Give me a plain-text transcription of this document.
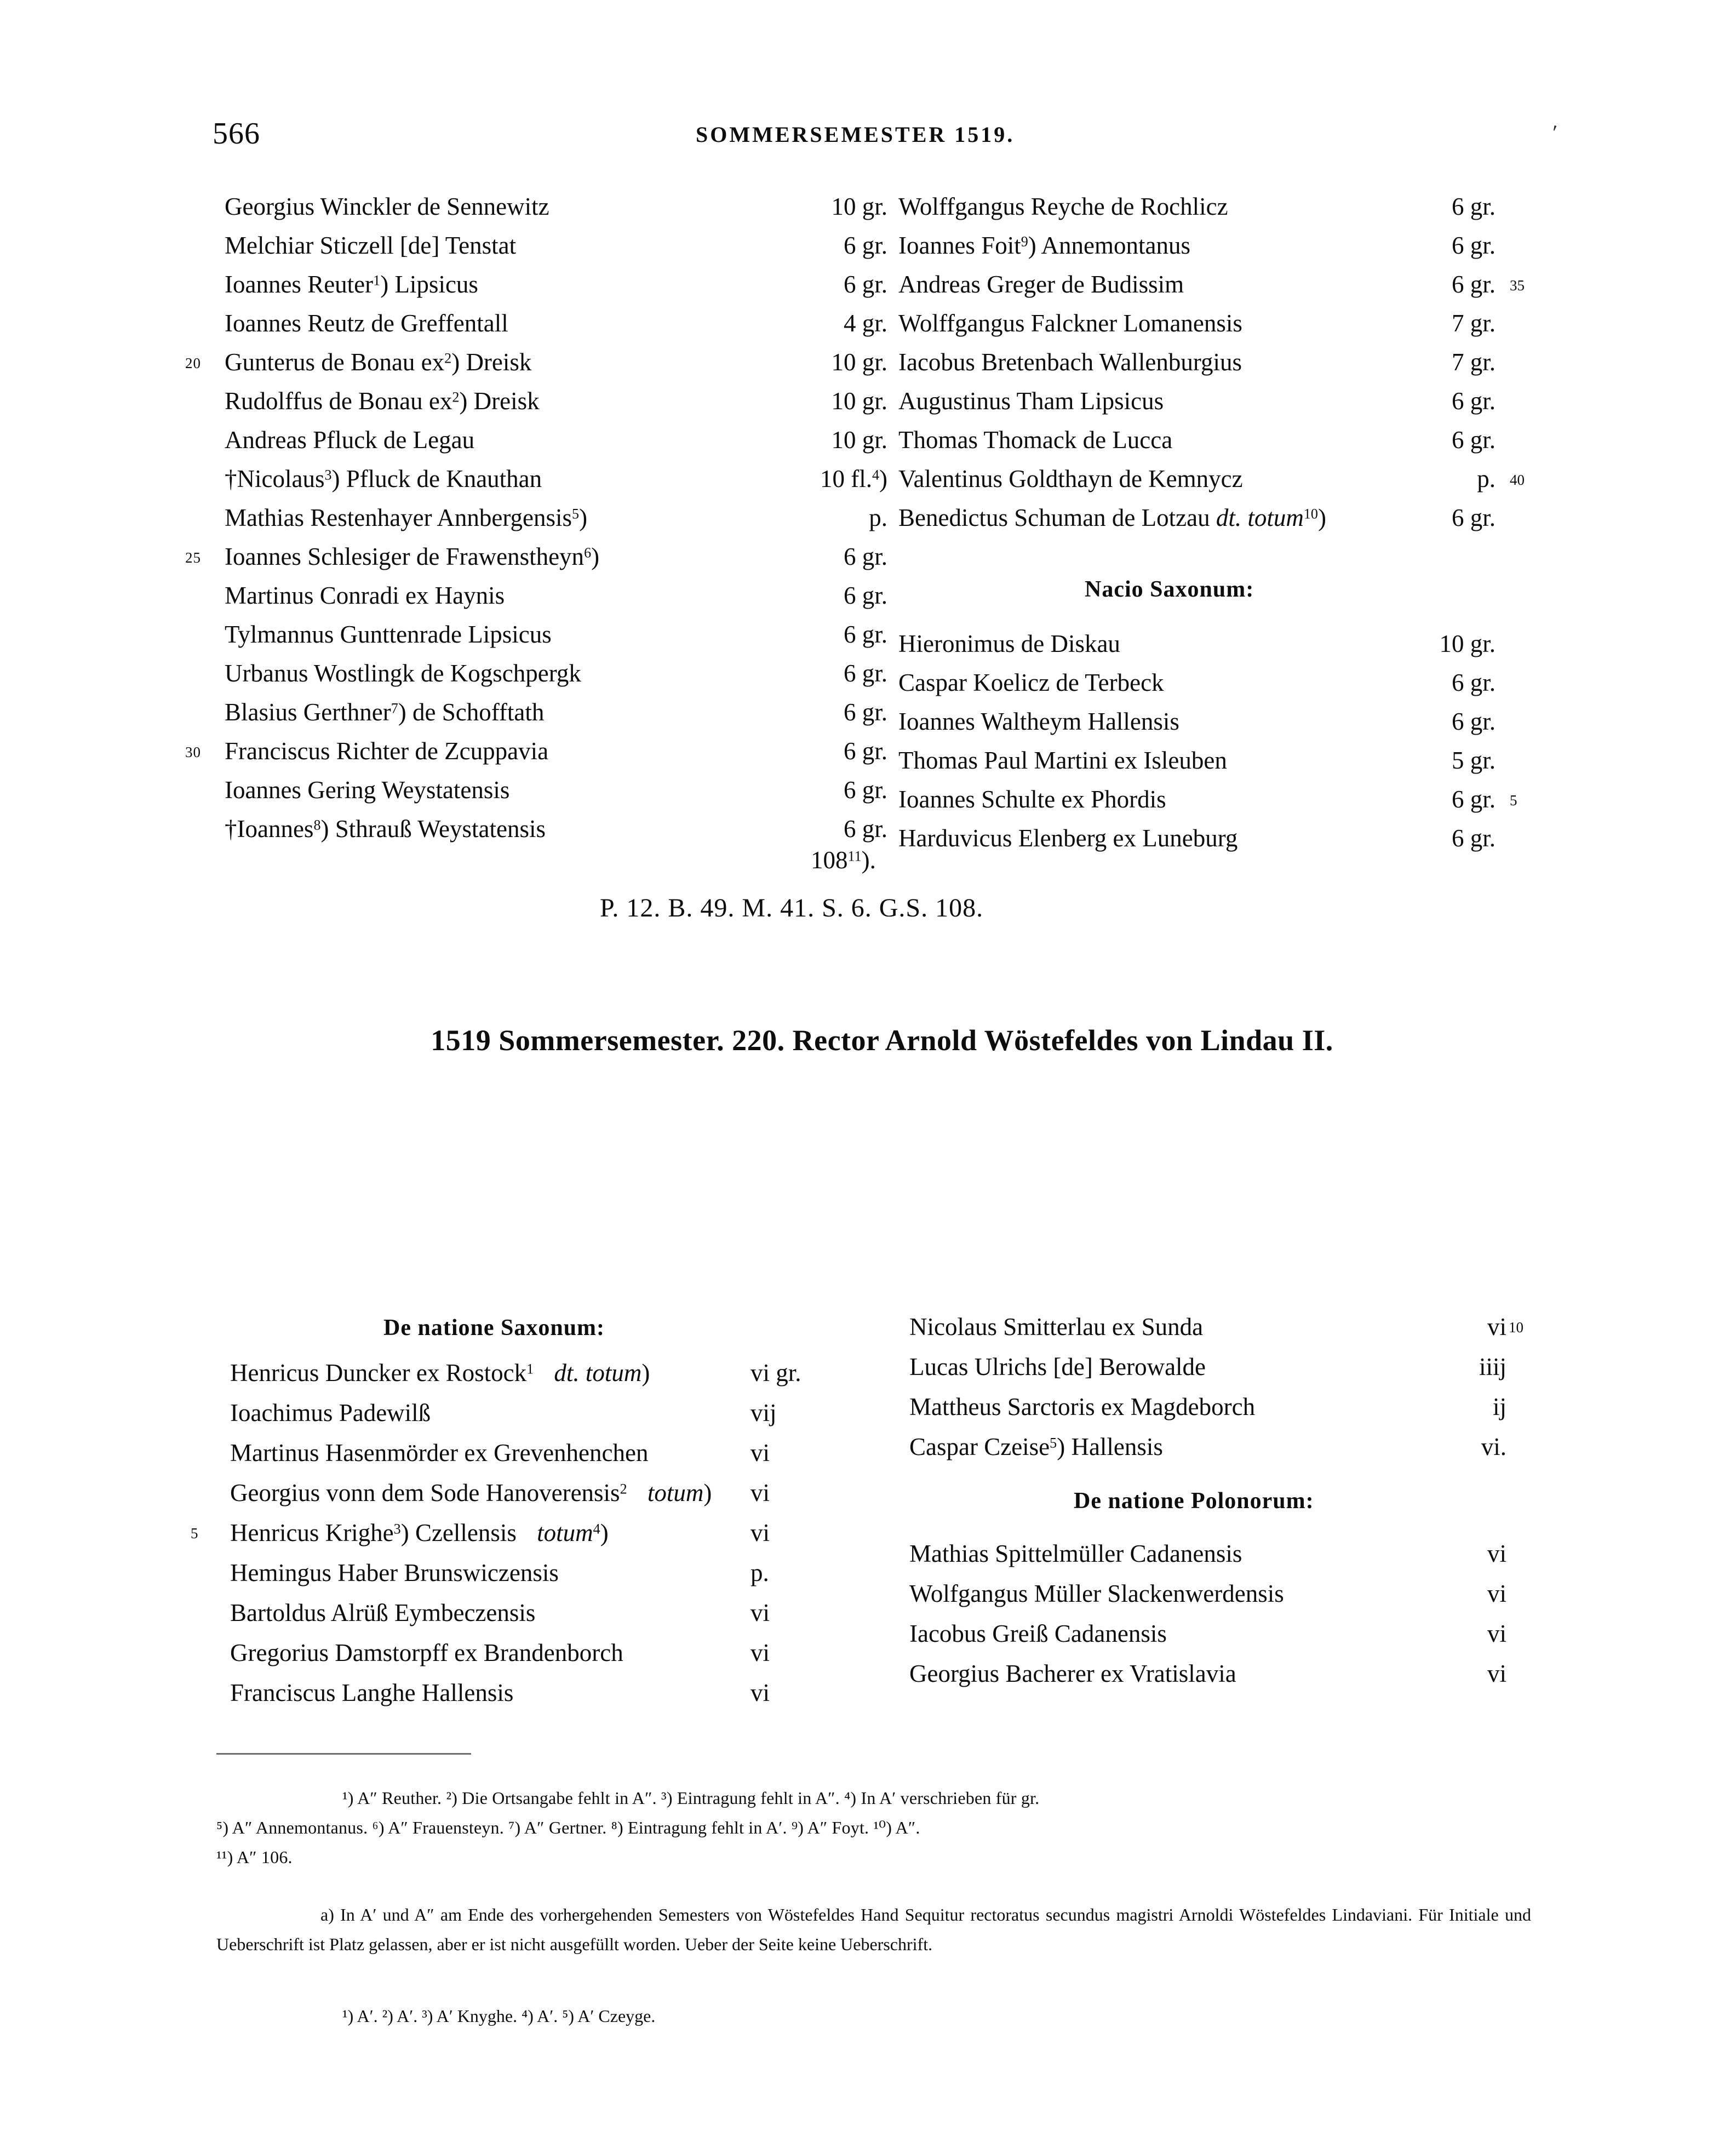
566	SOMMERSEMESTER 1519.	'
Georgius Winckler de Sennewitz	10 gr.
Melchiar Sticzell [de] Tenstat	6 gr.
Ioannes Reuter$^1$) Lipsicus	6 gr.
Ioannes Reutz de Greffentall	4 gr.
20 Gunterus de Bonau $ex^2$) Dreisk	10 gr.
Rudolffus de Bonau $ex^2$) Dreisk	10 gr.
Andreas Pfluck de Legau	10 gr.
†Nicolaus$^3$) Pfluck de Knauthan	10 fl.$^4$)
Mathias Restenhayer Annbergensis$^5$)	p.
25 Ioannes Schlesiger de Frawenstheyn$^6$)	6 gr.
Martinus Conradi ex Haynis	6 gr.
Tylmannus Gunttenrade Lipsicus	6 gr.
Urbanus Wostlingk de Kogschpergk	6 gr.
Blasius Gerthner$^7$) de Schofftath	6 gr.
30 Franciscus Richter de Zcuppavia	6 gr.
Ioannes Gering Weystatensis	6 gr.
†Ioannes$^8$) Sthrauß Weystatensis	6 gr.
Wolffgangus Reyche de Rochlicz	6 gr.
Ioannes Foit$^9$) Annemontanus	6 gr.
Andreas Greger de Budissim	6 gr. 35
Wolffgangus Falckner Lomanensis	7 gr.
Iacobus Bretenbach Wallenburgius	7 gr.
Augustinus Tham Lipsicus	6 gr.
Thomas Thomack de Lucca	6 gr.
Valentinus Goldthayn de Kemnycz	p. 40
Benedictus Schuman de Lotzau dt. totum$^{10}$)	6 gr.
Nacio Saxonum:
Hieronimus de Diskau	10 gr.
Caspar Koelicz de Terbeck	6 gr.
Ioannes Waltheym Hallensis	6 gr.
Thomas Paul Martini ex Isleuben	5 gr.
Ioannes Schulte ex Phordis	6 gr. 5
Harduvicus Elenberg ex Luneburg	6 gr.
$108^{11}$).
P. 12. B. 49. M. 41. S. 6. G.S. 108.
1519 Sommersemester. 220. Rector Arnold Wöstefeldes von Lindau II.
De natione Saxonum:
Henricus Duncker ex Rostock$^1$ dt. totum)	vi gr.
Ioachimus Padewilß	vij
Martinus Hasenmörder ex Grevenhenchen	vi
Georgius vonn dem Sode Hanoverensis$^2$ totum) vi
5 Henricus Krighe$^3$) Czellensis totum$^4$)	vi
Hemingus Haber Brunswiczensis	p.
Bartoldus Alrüß Eymbeczensis	vi
Gregorius Damstorpff ex Brandenborch	vi
Franciscus Langhe Hallensis	vi
Nicolaus Smitterlau ex Sunda	vi 10
Lucas Ulrichs [de] Berowalde	iiij
Mattheus Sarctoris ex Magdeborch	ij
Caspar Czeise$^5$) Hallensis	vi.
De natione Polonorum:
Mathias Spittelmüller Cadanensis	vi
Wolfgangus Müller Slackenwerdensis	vi
Iacobus Greiß Cadanensis	vi
Georgius Bacherer ex Vratislavia	vi
¹) A″ Reuther. ²) Die Ortsangabe fehlt in A″. ³) Eintragung fehlt in A″. ⁴) In A′ verschrieben für gr.
⁵) A″ Annemontanus. ⁶) A″ Frauensteyn. ⁷) A″ Gertner. ⁸) Eintragung fehlt in A′. ⁹) A″ Foyt. ¹⁰) A″.
¹¹) A″ 106.
a) In A′ und A″ am Ende des vorhergehenden Semesters von Wöstefeldes Hand Sequitur rectoratus secundus magistri Arnoldi Wöstefeldes Lindaviani. Für Initiale und Ueberschrift ist Platz gelassen, aber er ist nicht ausgefüllt worden. Ueber der Seite keine Ueberschrift.
¹) A′. ²) A′. ³) A′ Knyghe. ⁴) A′. ⁵) A′ Czeyge.
